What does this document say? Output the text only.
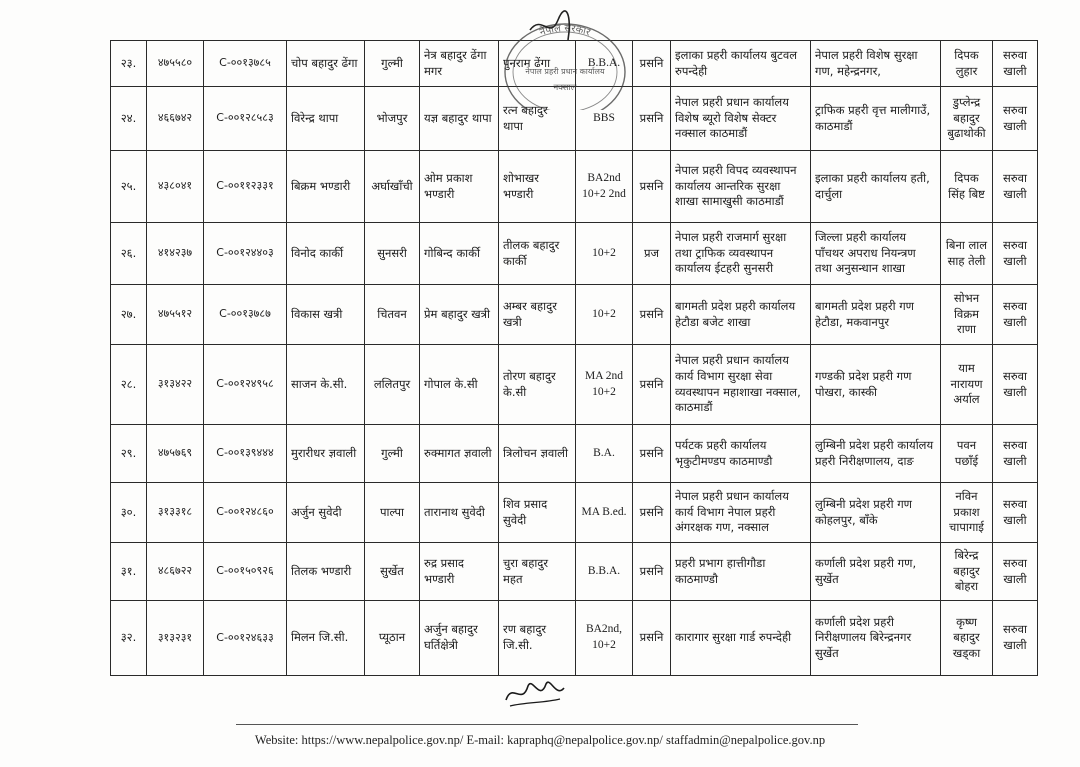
२३.	४७५५८०	C-००१३७८५	चोप बहादुर ढेंगा	गुल्मी	नेत्र बहादुर ढेंगा मगर	पुनराम ढेंगा	B.B.A.	प्रसनि	इलाका प्रहरी कार्यालय बुटवल रुपन्देही	नेपाल प्रहरी विशेष सुरक्षा गण, महेन्द्रनगर,	दिपक लुहार	सरुवा खाली
२४.	४६६७४२	C-००१२८५८३	विरेन्द्र थापा	भोजपुर	यज्ञ बहादुर थापा	रत्न बहादुर थापा	BBS	प्रसनि	नेपाल प्रहरी प्रधान कार्यालय विशेष ब्यूरो विशेष सेक्टर नक्साल काठमाडौं	ट्राफिक प्रहरी वृत्त मालीगाउँ, काठमाडौं	डुप्लेन्द्र बहादुर बुढाथोकी	सरुवा खाली
२५.	४३८०४१	C-००११२३३१	बिक्रम भण्डारी	अर्घाखाँची	ओम प्रकाश भण्डारी	शोभाखर भण्डारी	BA2nd 10+2 2nd	प्रसनि	नेपाल प्रहरी विपद व्यवस्थापन कार्यालय आन्तरिक सुरक्षा शाखा सामाखुसी काठमाडौं	इलाका प्रहरी कार्यालय हती, दार्चुला	दिपक सिंह बिष्ट	सरुवा खाली
२६.	४१४२३७	C-००१२४४०३	विनोद कार्की	सुनसरी	गोबिन्द कार्की	तीलक बहादुर कार्की	10+2	प्रज	नेपाल प्रहरी राजमार्ग सुरक्षा तथा ट्राफिक व्यवस्थापन कार्यालय ईटहरी सुनसरी	जिल्ला प्रहरी कार्यालय पाँचथर अपराध नियन्त्रण तथा अनुसन्धान शाखा	बिना लाल साह तेली	सरुवा खाली
२७.	४७५५१२	C-००१३७८७	विकास खत्री	चितवन	प्रेम बहादुर खत्री	अम्बर बहादुर खत्री	10+2	प्रसनि	बागमती प्रदेश प्रहरी कार्यालय हेटौडा बजेट शाखा	बागमती प्रदेश प्रहरी गण हेटौडा, मकवानपुर	सोभन विक्रम राणा	सरुवा खाली
२८.	३१३४२२	C-००१२४९५८	साजन के.सी.	ललितपुर	गोपाल के.सी	तोरण बहादुर के.सी	MA 2nd 10+2	प्रसनि	नेपाल प्रहरी प्रधान कार्यालय कार्य विभाग सुरक्षा सेवा व्यवस्थापन महाशाखा नक्साल, काठमाडौं	गण्डकी प्रदेश प्रहरी गण पोखरा, कास्की	याम नारायण अर्याल	सरुवा खाली
२९.	४७५७६९	C-००१३९४४४	मुरारीधर ज्ञवाली	गुल्मी	रुक्मागत ज्ञवाली	त्रिलोचन ज्ञवाली	B.A.	प्रसनि	पर्यटक प्रहरी कार्यालय भृकुटीमण्डप काठमाण्डौ	लुम्बिनी प्रदेश प्रहरी कार्यालय प्रहरी निरीक्षणालय, दाङ	पवन पछाँई	सरुवा खाली
३०.	३१३३१८	C-००१२४८६०	अर्जुन सुवेदी	पाल्पा	तारानाथ सुवेदी	शिव प्रसाद सुवेदी	MA B.ed.	प्रसनि	नेपाल प्रहरी प्रधान कार्यालय कार्य विभाग नेपाल प्रहरी अंगरक्षक गण, नक्साल	लुम्बिनी प्रदेश प्रहरी गण कोहलपुर, बाँके	नविन प्रकाश चापागाई	सरुवा खाली
३१.	४८६७२२	C-००१५०९२६	तिलक भण्डारी	सुर्खेत	रुद्र प्रसाद भण्डारी	चुरा बहादुर महत	B.B.A.	प्रसनि	प्रहरी प्रभाग हात्तीगौडा काठमाण्डौ	कर्णाली प्रदेश प्रहरी गण, सुर्खेत	बिरेन्द्र बहादुर बोहरा	सरुवा खाली
३२.	३१३२३१	C-००१२४६३३	मिलन जि.सी.	प्यूठान	अर्जुन बहादुर घर्तिक्षेत्री	रण बहादुर जि.सी.	BA2nd, 10+2	प्रसनि	कारागार सुरक्षा गार्ड रुपन्देही	कर्णाली प्रदेश प्रहरी निरीक्षणालय बिरेन्द्रनगर सुर्खेत	कृष्ण बहादुर खड्का	सरुवा खाली
नेपाल सरकार
नेपाल प्रहरी प्रधान कार्यालय
नक्साल
Website: https://www.nepalpolice.gov.np/ E-mail: kapraphq@nepalpolice.gov.np/ staffadmin@nepalpolice.gov.np
